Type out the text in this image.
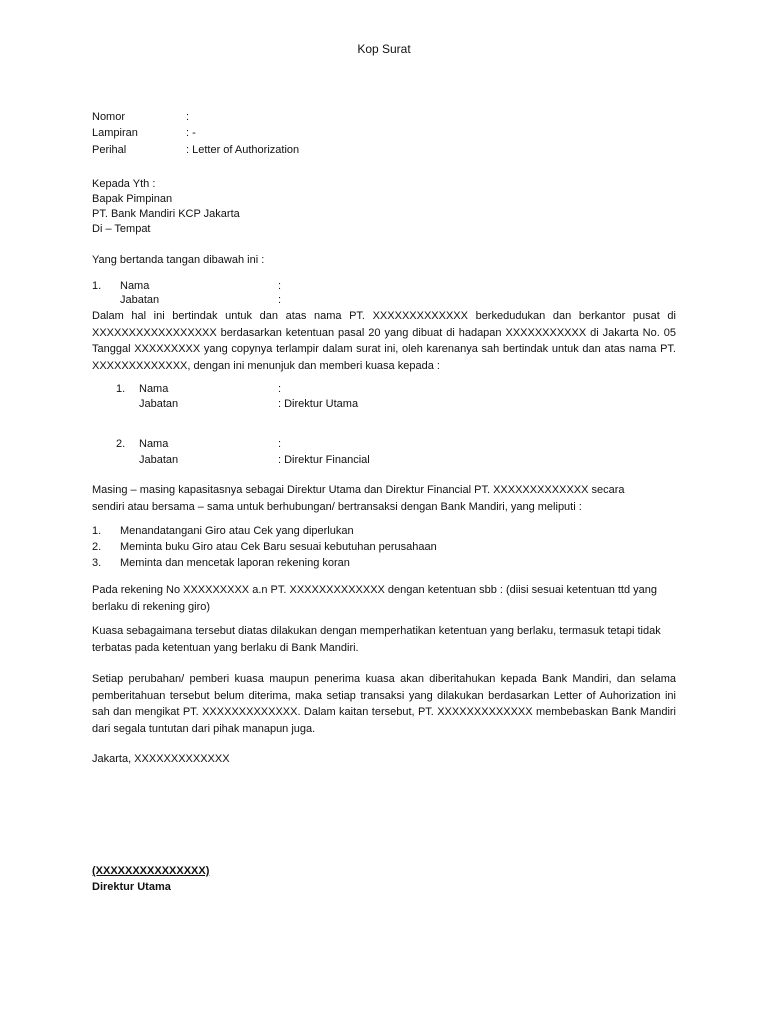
Kop Surat
Nomor	:
Lampiran	: -
Perihal	: Letter of Authorization
Kepada Yth :
Bapak Pimpinan
PT. Bank Mandiri KCP Jakarta
Di – Tempat
Yang bertanda tangan dibawah ini :
1. Nama	:
Jabatan	:
Dalam hal ini bertindak untuk dan atas nama PT. XXXXXXXXXXXXX berkedudukan dan berkantor pusat di XXXXXXXXXXXXXXXXX berdasarkan ketentuan pasal 20 yang dibuat di hadapan XXXXXXXXXXX di Jakarta No. 05 Tanggal XXXXXXXXX yang copynya terlampir dalam surat ini, oleh karenanya sah bertindak untuk dan atas nama PT. XXXXXXXXXXXXX, dengan ini menunjuk dan memberi kuasa kepada :
1. Nama	:
Jabatan	: Direktur Utama
2. Nama	:
Jabatan	: Direktur Financial
Masing – masing kapasitasnya sebagai Direktur Utama dan Direktur Financial PT. XXXXXXXXXXXXX secara sendiri atau bersama – sama untuk berhubungan/ bertransaksi dengan Bank Mandiri, yang meliputi :
1. Menandatangani Giro atau Cek yang diperlukan
2. Meminta buku Giro atau Cek Baru sesuai kebutuhan perusahaan
3. Meminta dan mencetak laporan rekening koran
Pada rekening No XXXXXXXXX a.n PT. XXXXXXXXXXXXX dengan ketentuan sbb : (diisi sesuai ketentuan ttd yang berlaku di rekening giro)
Kuasa sebagaimana tersebut diatas dilakukan dengan memperhatikan ketentuan yang berlaku, termasuk tetapi tidak terbatas pada ketentuan yang berlaku di Bank Mandiri.
Setiap perubahan/ pemberi kuasa maupun penerima kuasa akan diberitahukan kepada Bank Mandiri, dan selama pemberitahuan tersebut belum diterima, maka setiap transaksi yang dilakukan berdasarkan Letter of Auhorization ini sah dan mengikat PT. XXXXXXXXXXXXX. Dalam kaitan tersebut, PT. XXXXXXXXXXXXX membebaskan Bank Mandiri dari segala tuntutan dari pihak manapun juga.
Jakarta, XXXXXXXXXXXXX
(XXXXXXXXXXXXXXX)
Direktur Utama
